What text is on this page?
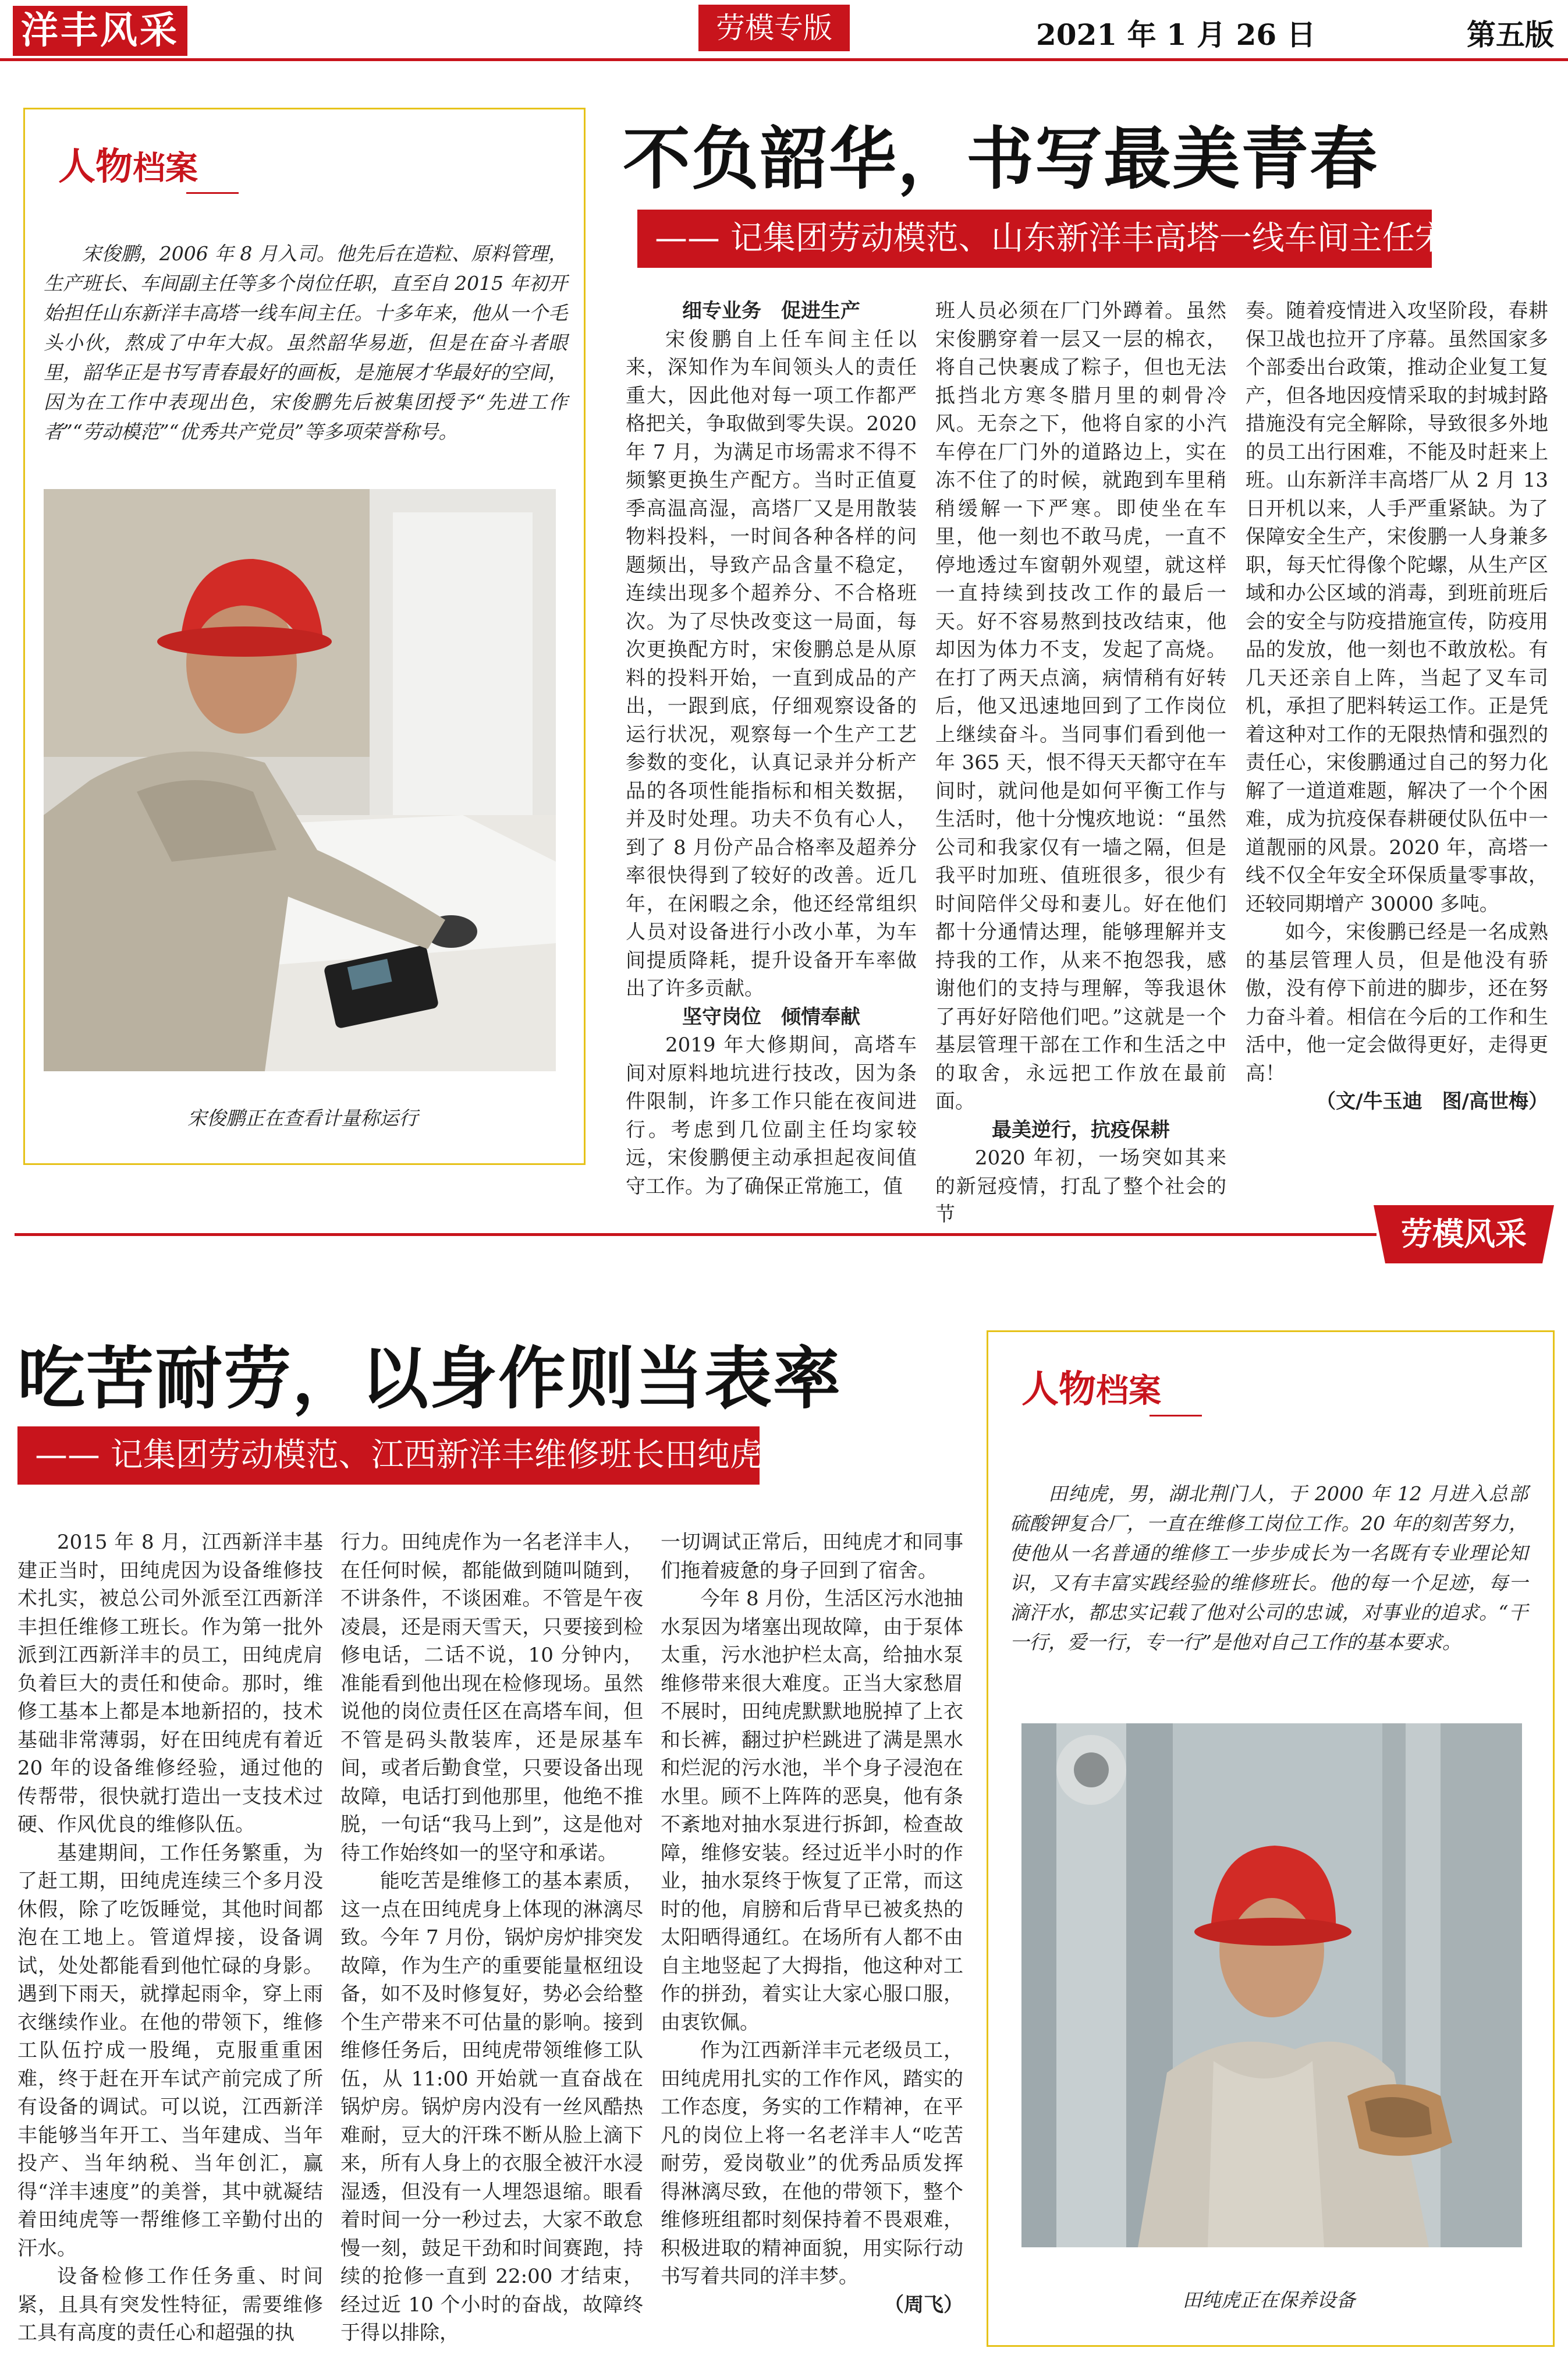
洋丰风采	劳模专版	2021 年 1 月 26 日	第五版
人物档案
宋俊鹏，2006 年 8 月入司。他先后在造粒、原料管理，生产班长、车间副主任等多个岗位任职，直至自 2015 年初开始担任山东新洋丰高塔一线车间主任。十多年来，他从一个毛头小伙，熬成了中年大叔。虽然韶华易逝，但是在奋斗者眼里，韶华正是书写青春最好的画板，是施展才华最好的空间，因为在工作中表现出色，宋俊鹏先后被集团授予“先进工作者”“劳动模范”“优秀共产党员”等多项荣誉称号。
宋俊鹏正在查看计量称运行
不负韶华，书写最美青春
—— 记集团劳动模范、山东新洋丰高塔一线车间主任宋俊鹏

细专业务　促进生产

宋俊鹏自上任车间主任以来，深知作为车间领头人的责任重大，因此他对每一项工作都严格把关，争取做到零失误。2020 年 7 月，为满足市场需求不得不频繁更换生产配方。当时正值夏季高温高湿，高塔厂又是用散装物料投料，一时间各种各样的问题频出，导致产品含量不稳定，连续出现多个超养分、不合格班次。为了尽快改变这一局面，每次更换配方时，宋俊鹏总是从原料的投料开始，一直到成品的产出，一跟到底，仔细观察设备的运行状况，观察每一个生产工艺参数的变化，认真记录并分析产品的各项性能指标和相关数据，并及时处理。功夫不负有心人，到了 8 月份产品合格率及超养分率很快得到了较好的改善。近几年，在闲暇之余，他还经常组织人员对设备进行小改小革，为车间提质降耗，提升设备开车率做出了许多贡献。

坚守岗位　倾情奉献

2019 年大修期间，高塔车间对原料地坑进行技改，因为条件限制，许多工作只能在夜间进行。考虑到几位副主任均家较远，宋俊鹏便主动承担起夜间值守工作。为了确保正常施工，值

班人员必须在厂门外蹲着。虽然宋俊鹏穿着一层又一层的棉衣，将自己快裹成了粽子，但也无法抵挡北方寒冬腊月里的刺骨冷风。无奈之下，他将自家的小汽车停在厂门外的道路边上，实在冻不住了的时候，就跑到车里稍稍缓解一下严寒。即使坐在车里，他一刻也不敢马虎，一直不停地透过车窗朝外观望，就这样一直持续到技改工作的最后一天。好不容易熬到技改结束，他却因为体力不支，发起了高烧。在打了两天点滴，病情稍有好转后，他又迅速地回到了工作岗位上继续奋斗。当同事们看到他一年 365 天，恨不得天天都守在车间时，就问他是如何平衡工作与生活时，他十分愧疚地说：“虽然公司和我家仅有一墙之隔，但是我平时加班、值班很多，很少有时间陪伴父母和妻儿。好在他们都十分通情达理，能够理解并支持我的工作，从来不抱怨我，感谢他们的支持与理解，等我退休了再好好陪他们吧。”这就是一个基层管理干部在工作和生活之中的取舍，永远把工作放在最前面。

最美逆行，抗疫保耕

2020 年初，一场突如其来的新冠疫情，打乱了整个社会的节

奏。随着疫情进入攻坚阶段，春耕保卫战也拉开了序幕。虽然国家多个部委出台政策，推动企业复工复产，但各地因疫情采取的封城封路措施没有完全解除，导致很多外地的员工出行困难，不能及时赶来上班。山东新洋丰高塔厂从 2 月 13 日开机以来，人手严重紧缺。为了保障安全生产，宋俊鹏一人身兼多职，每天忙得像个陀螺，从生产区域和办公区域的消毒，到班前班后会的安全与防疫措施宣传，防疫用品的发放，他一刻也不敢放松。有几天还亲自上阵，当起了叉车司机，承担了肥料转运工作。正是凭着这种对工作的无限热情和强烈的责任心，宋俊鹏通过自己的努力化解了一道道难题，解决了一个个困难，成为抗疫保春耕硬仗队伍中一道靓丽的风景。2020 年，高塔一线不仅全年安全环保质量零事故，还较同期增产 30000 多吨。

如今，宋俊鹏已经是一名成熟的基层管理人员，但是他没有骄傲，没有停下前进的脚步，还在努力奋斗着。相信在今后的工作和生活中，他一定会做得更好，走得更高！

（文/牛玉迪　图/高世梅）

劳模风采
吃苦耐劳，以身作则当表率
—— 记集团劳动模范、江西新洋丰维修班长田纯虎

2015 年 8 月，江西新洋丰基建正当时，田纯虎因为设备维修技术扎实，被总公司外派至江西新洋丰担任维修工班长。作为第一批外派到江西新洋丰的员工，田纯虎肩负着巨大的责任和使命。那时，维修工基本上都是本地新招的，技术基础非常薄弱，好在田纯虎有着近 20 年的设备维修经验，通过他的传帮带，很快就打造出一支技术过硬、作风优良的维修队伍。

基建期间，工作任务繁重，为了赶工期，田纯虎连续三个多月没休假，除了吃饭睡觉，其他时间都泡在工地上。管道焊接，设备调试，处处都能看到他忙碌的身影。遇到下雨天，就撑起雨伞，穿上雨衣继续作业。在他的带领下，维修工队伍拧成一股绳，克服重重困难，终于赶在开车试产前完成了所有设备的调试。可以说，江西新洋丰能够当年开工、当年建成、当年投产、当年纳税、当年创汇，赢得“洋丰速度”的美誉，其中就凝结着田纯虎等一帮维修工辛勤付出的汗水。

设备检修工作任务重、时间紧，且具有突发性特征，需要维修工具有高度的责任心和超强的执

行力。田纯虎作为一名老洋丰人，在任何时候，都能做到随叫随到，不讲条件，不谈困难。不管是午夜凌晨，还是雨天雪天，只要接到检修电话，二话不说，10 分钟内，准能看到他出现在检修现场。虽然说他的岗位责任区在高塔车间，但不管是码头散装库，还是尿基车间，或者后勤食堂，只要设备出现故障，电话打到他那里，他绝不推脱，一句话“我马上到”，这是他对待工作始终如一的坚守和承诺。

能吃苦是维修工的基本素质，这一点在田纯虎身上体现的淋漓尽致。今年 7 月份，锅炉房炉排突发故障，作为生产的重要能量枢纽设备，如不及时修复好，势必会给整个生产带来不可估量的影响。接到维修任务后，田纯虎带领维修工队伍，从 11:00 开始就一直奋战在锅炉房。锅炉房内没有一丝风酷热难耐，豆大的汗珠不断从脸上滴下来，所有人身上的衣服全被汗水浸湿透，但没有一人埋怨退缩。眼看着时间一分一秒过去，大家不敢怠慢一刻，鼓足干劲和时间赛跑，持续的抢修一直到 22:00 才结束，经过近 10 个小时的奋战，故障终于得以排除，

一切调试正常后，田纯虎才和同事们拖着疲惫的身子回到了宿舍。

今年 8 月份，生活区污水池抽水泵因为堵塞出现故障，由于泵体太重，污水池护栏太高，给抽水泵维修带来很大难度。正当大家愁眉不展时，田纯虎默默地脱掉了上衣和长裤，翻过护栏跳进了满是黑水和烂泥的污水池，半个身子浸泡在水里。顾不上阵阵的恶臭，他有条不紊地对抽水泵进行拆卸，检查故障，维修安装。经过近半小时的作业，抽水泵终于恢复了正常，而这时的他，肩膀和后背早已被炙热的太阳晒得通红。在场所有人都不由自主地竖起了大拇指，他这种对工作的拼劲，着实让大家心服口服，由衷钦佩。

作为江西新洋丰元老级员工，田纯虎用扎实的工作作风，踏实的工作态度，务实的工作精神，在平凡的岗位上将一名老洋丰人“吃苦耐劳，爱岗敬业”的优秀品质发挥得淋漓尽致，在他的带领下，整个维修班组都时刻保持着不畏艰难，积极进取的精神面貌，用实际行动书写着共同的洋丰梦。

（周飞）

人物档案
田纯虎，男，湖北荆门人，于 2000 年 12 月进入总部硫酸钾复合厂，一直在维修工岗位工作。20 年的刻苦努力，使他从一名普通的维修工一步步成长为一名既有专业理论知识，又有丰富实践经验的维修班长。他的每一个足迹，每一滴汗水，都忠实记载了他对公司的忠诚，对事业的追求。“干一行，爱一行，专一行”是他对自己工作的基本要求。
田纯虎正在保养设备
